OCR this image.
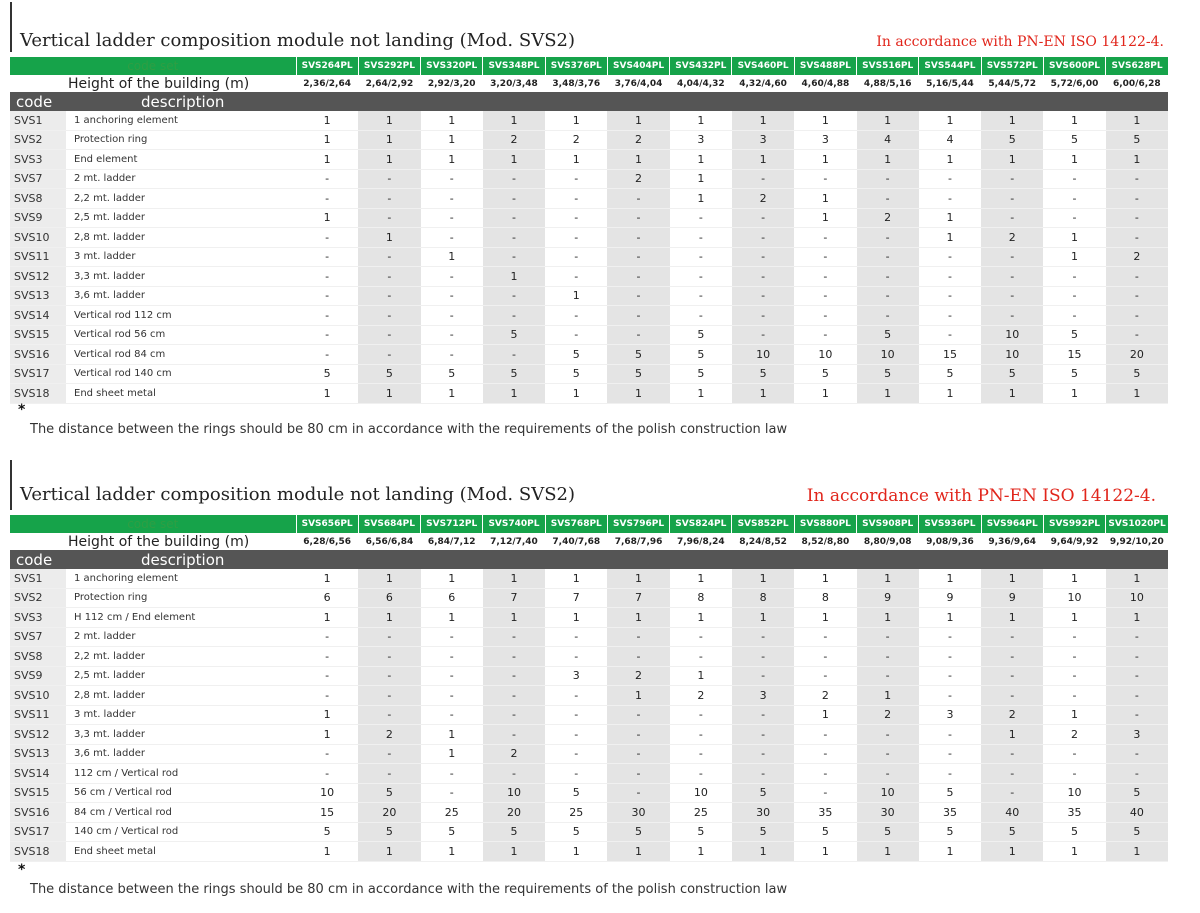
Vertical ladder composition module not landing (Mod. SVS2)	In accordance with PN-EN ISO 14122-4.
code set		SVS264PL	SVS292PL	SVS320PL	SVS348PL	SVS376PL	SVS404PL	SVS432PL	SVS460PL	SVS488PL	SVS516PL	SVS544PL	SVS572PL	SVS600PL	SVS628PL
Height of the building (m)		2,36/2,64	2,64/2,92	2,92/3,20	3,20/3,48	3,48/3,76	3,76/4,04	4,04/4,32	4,32/4,60	4,60/4,88	4,88/5,16	5,16/5,44	5,44/5,72	5,72/6,00	6,00/6,28
code	description														
SVS1	1 anchoring element	1	1	1	1	1	1	1	1	1	1	1	1	1	1
SVS2	Protection ring	1	1	1	2	2	2	3	3	3	4	4	5	5	5
SVS3	End element	1	1	1	1	1	1	1	1	1	1	1	1	1	1
SVS7	2 mt. ladder	-	-	-	-	-	2	1	-	-	-	-	-	-	-
SVS8	2,2 mt. ladder	-	-	-	-	-	-	1	2	1	-	-	-	-	-
SVS9	2,5 mt. ladder	1	-	-	-	-	-	-	-	1	2	1	-	-	-
SVS10	2,8 mt. ladder	-	1	-	-	-	-	-	-	-	-	1	2	1	-
SVS11	3 mt. ladder	-	-	1	-	-	-	-	-	-	-	-	-	1	2
SVS12	3,3 mt. ladder	-	-	-	1	-	-	-	-	-	-	-	-	-	-
SVS13	3,6 mt. ladder	-	-	-	-	1	-	-	-	-	-	-	-	-	-
SVS14	Vertical rod 112 cm	-	-	-	-	-	-	-	-	-	-	-	-	-	-
SVS15	Vertical rod 56 cm	-	-	-	5	-	-	5	-	-	5	-	10	5	-
SVS16	Vertical rod 84 cm	-	-	-	-	5	5	5	10	10	10	15	10	15	20
SVS17	Vertical rod 140 cm	5	5	5	5	5	5	5	5	5	5	5	5	5	5
SVS18	End sheet metal	1	1	1	1	1	1	1	1	1	1	1	1	1	1
*
The distance between the rings should be 80 cm in accordance with the requirements of the polish construction law
Vertical ladder composition module not landing (Mod. SVS2)	In accordance with PN-EN ISO 14122-4.
code set		SVS656PL	SVS684PL	SVS712PL	SVS740PL	SVS768PL	SVS796PL	SVS824PL	SVS852PL	SVS880PL	SVS908PL	SVS936PL	SVS964PL	SVS992PL	SVS1020PL
Height of the building (m)		6,28/6,56	6,56/6,84	6,84/7,12	7,12/7,40	7,40/7,68	7,68/7,96	7,96/8,24	8,24/8,52	8,52/8,80	8,80/9,08	9,08/9,36	9,36/9,64	9,64/9,92	9,92/10,20
code	description														
SVS1	1 anchoring element	1	1	1	1	1	1	1	1	1	1	1	1	1	1
SVS2	Protection ring	6	6	6	7	7	7	8	8	8	9	9	9	10	10
SVS3	H 112 cm / End element	1	1	1	1	1	1	1	1	1	1	1	1	1	1
SVS7	2 mt. ladder	-	-	-	-	-	-	-	-	-	-	-	-	-	-
SVS8	2,2 mt. ladder	-	-	-	-	-	-	-	-	-	-	-	-	-	-
SVS9	2,5 mt. ladder	-	-	-	-	3	2	1	-	-	-	-	-	-	-
SVS10	2,8 mt. ladder	-	-	-	-	-	1	2	3	2	1	-	-	-	-
SVS11	3 mt. ladder	1	-	-	-	-	-	-	-	1	2	3	2	1	-
SVS12	3,3 mt. ladder	1	2	1	-	-	-	-	-	-	-	-	1	2	3
SVS13	3,6 mt. ladder	-	-	1	2	-	-	-	-	-	-	-	-	-	-
SVS14	112 cm / Vertical rod	-	-	-	-	-	-	-	-	-	-	-	-	-	-
SVS15	56 cm / Vertical rod	10	5	-	10	5	-	10	5	-	10	5	-	10	5
SVS16	84 cm / Vertical rod	15	20	25	20	25	30	25	30	35	30	35	40	35	40
SVS17	140 cm / Vertical rod	5	5	5	5	5	5	5	5	5	5	5	5	5	5
SVS18	End sheet metal	1	1	1	1	1	1	1	1	1	1	1	1	1	1
*
The distance between the rings should be 80 cm in accordance with the requirements of the polish construction law
